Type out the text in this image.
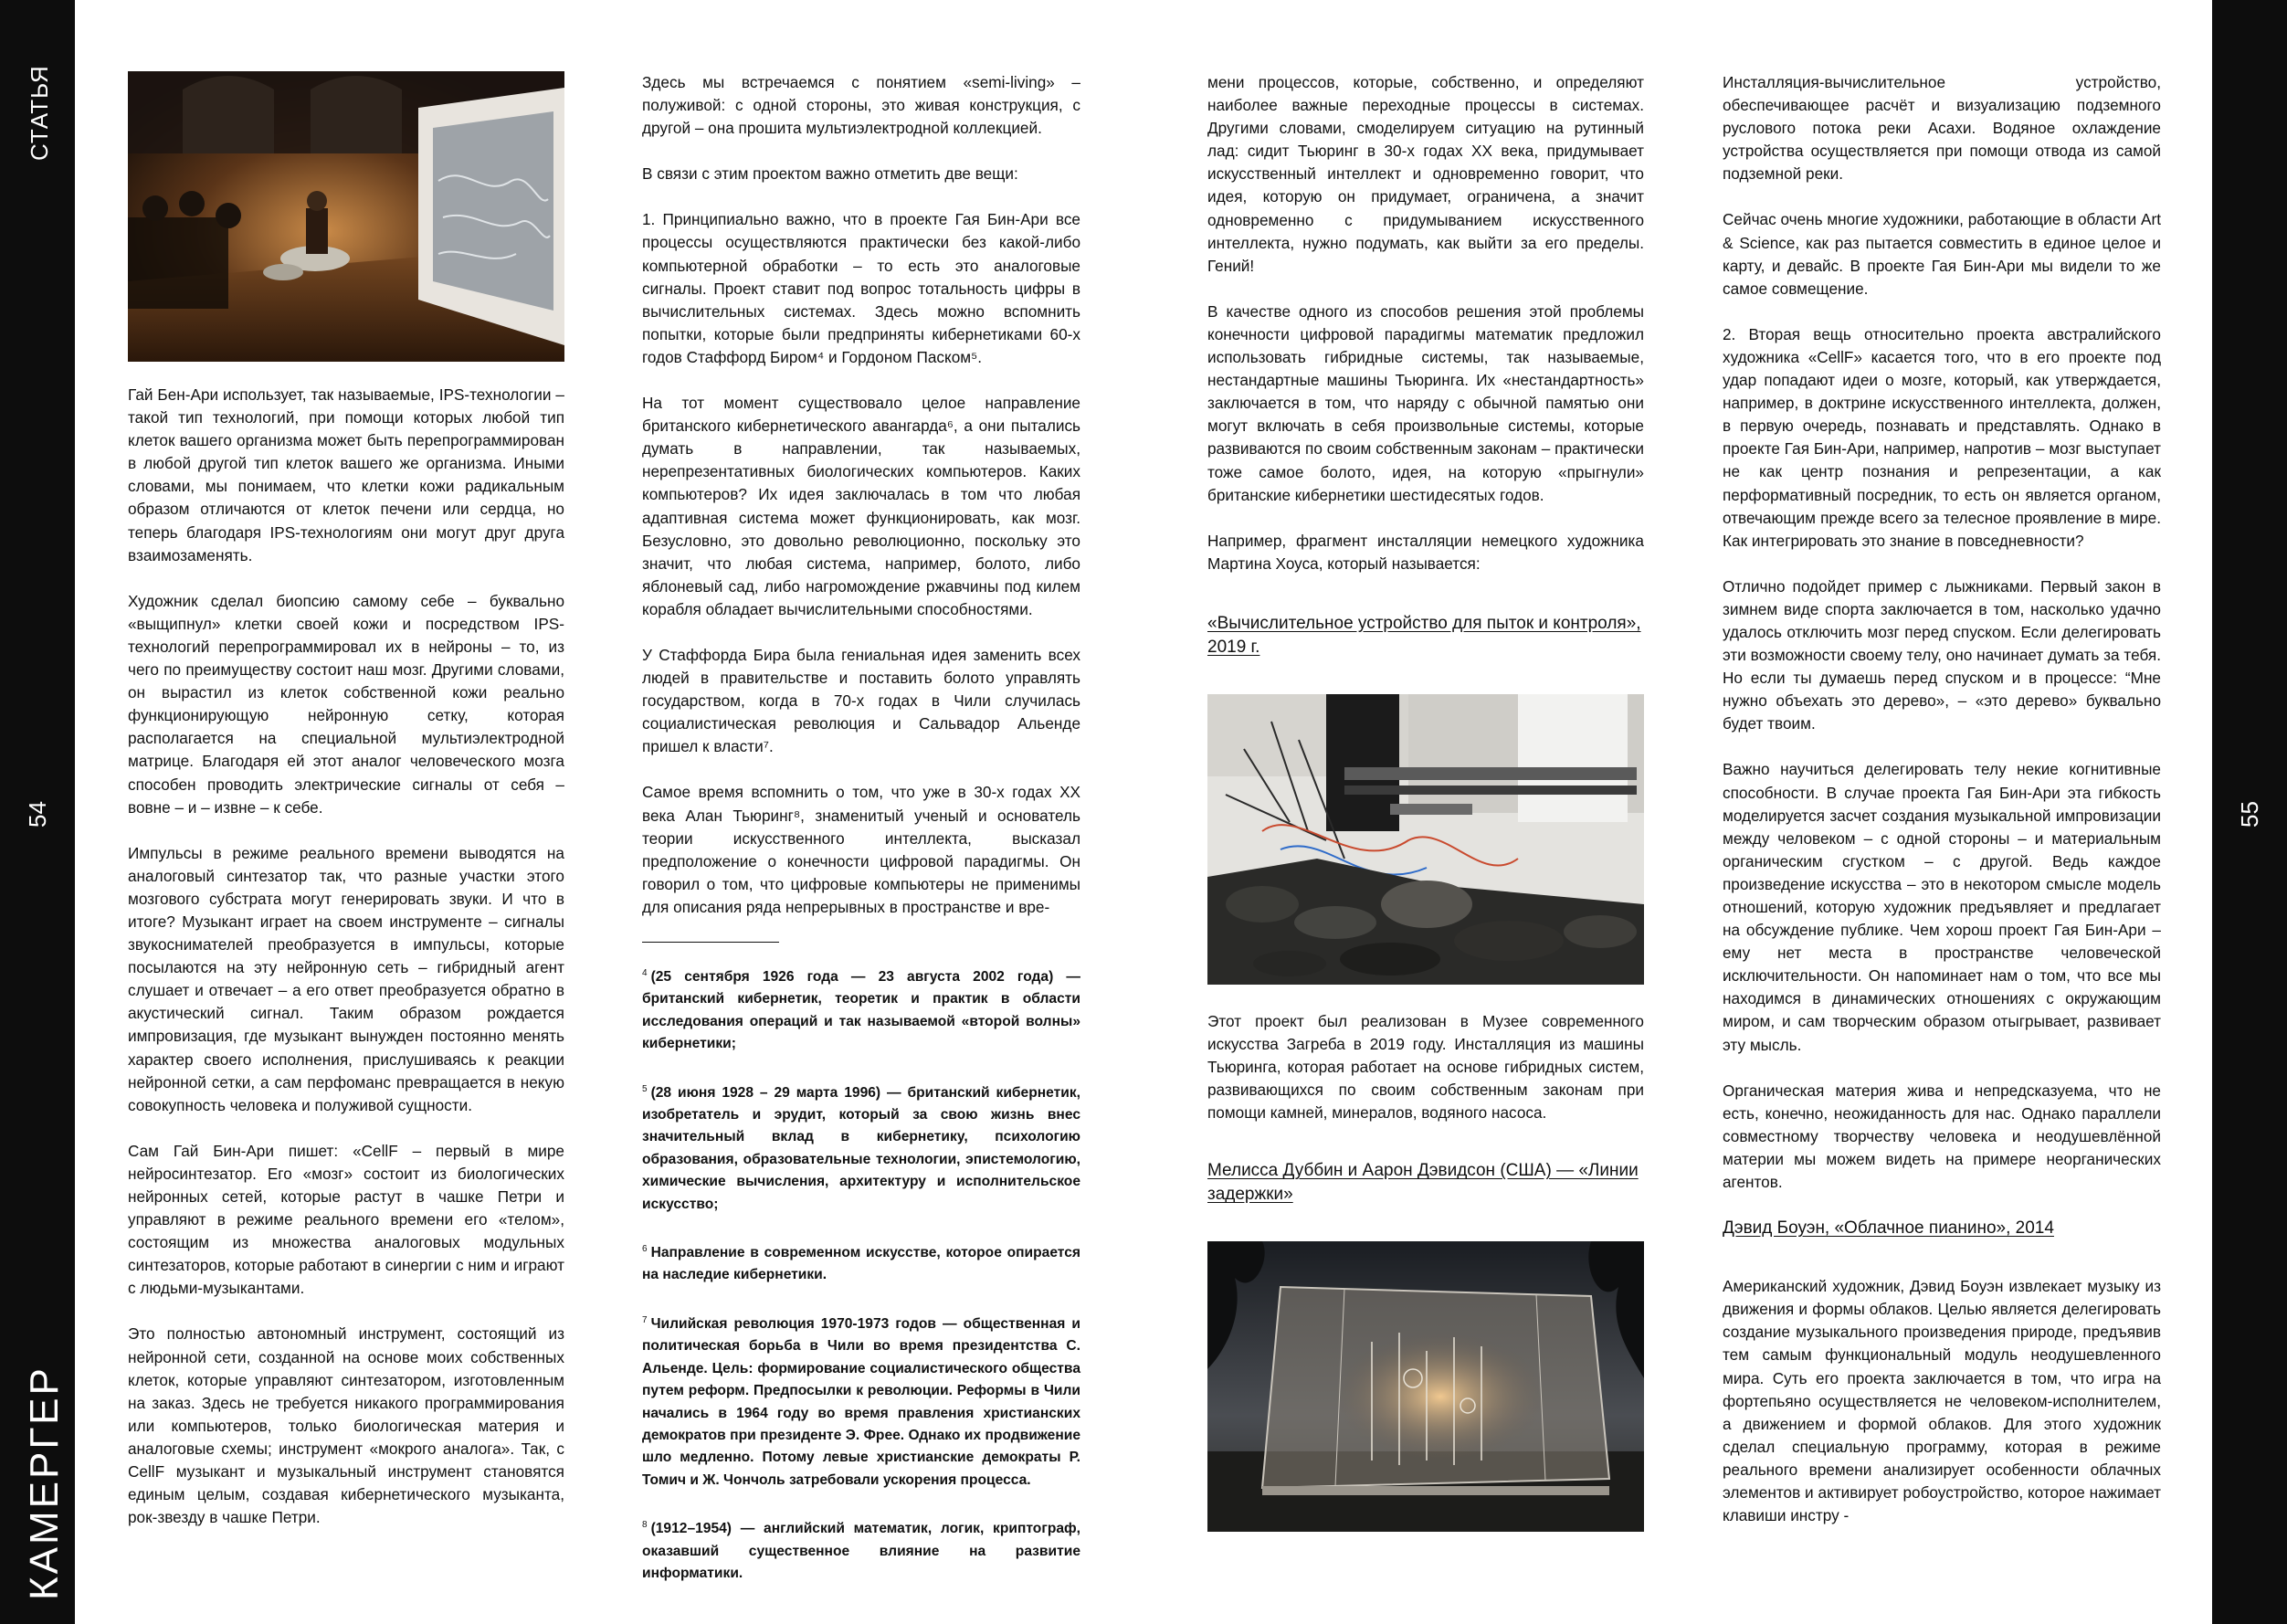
СТАТЬЯ
54
КАМЕРГЕР
55

Гай Бен-Ари использует, так называемые, IPS-технологии – такой тип технологий, при помощи которых любой тип клеток вашего организма может быть перепрограммирован в любой другой тип клеток вашего же организма. Иными словами, мы понимаем, что клетки кожи радикальным образом отличаются от клеток печени или сердца, но теперь благодаря IPS-технологиям они могут друг друга взаимозаменять.

Художник сделал биопсию самому себе – буквально «выщипнул» клетки своей кожи и посредством IPS-технологий перепрограммировал их в нейроны – то, из чего по преимуществу состоит наш мозг. Другими словами, он вырастил из клеток собственной кожи реально функционирующую нейронную сетку, которая располагается на специальной мультиэлектродной матрице. Благодаря ей этот аналог человеческого мозга способен проводить электрические сигналы от себя – вовне – и – извне – к себе.

Импульсы в режиме реального времени выводятся на аналоговый синтезатор так, что разные участки этого мозгового субстрата могут генерировать звуки. И что в итоге? Музыкант играет на своем инструменте – сигналы звукоснимателей преобразуется в импульсы, которые посылаются на эту нейронную сеть – гибридный агент слушает и отвечает – а его ответ преобразуется обратно в акустический сигнал. Таким образом рождается импровизация, где музыкант вынужден постоянно менять характер своего исполнения, прислушиваясь к реакции нейронной сетки, а сам перфоманс превращается в некую совокупность человека и полуживой сущности.

Сам Гай Бин-Ари пишет: «CellF – первый в мире нейросинтезатор. Его «мозг» состоит из биологических нейронных сетей, которые растут в чашке Петри и управляют в режиме реального времени его «телом», состоящим из множества аналоговых модульных синтезаторов, которые работают в синергии с ним и играют с людьми-музыкантами.

Это полностью автономный инструмент, состоящий из нейронной сети, созданной на основе моих собственных клеток, которые управляют синтезатором, изготовленным на заказ. Здесь не требуется никакого программирования или компьютеров, только биологическая материя и аналоговые схемы; инструмент «мокрого аналога». Так, с CellF музыкант и музыкальный инструмент становятся единым целым, создавая кибернетического музыканта, рок-звезду в чашке Петри.

Здесь мы встречаемся с понятием «semi-living» – полуживой: с одной стороны, это живая конструкция, с другой – она прошита мультиэлектродной коллекцией.

В связи с этим проектом важно отметить две вещи:

1. Принципиально важно, что в проекте Гая Бин-Ари все процессы осуществляются практически без какой-либо компьютерной обработки – то есть это аналоговые сигналы. Проект ставит под вопрос тотальность цифры в вычислительных системах. Здесь можно вспомнить попытки, которые были предприняты кибернетиками 60-х годов Стаффорд Биром⁴ и Гордоном Паском⁵.

На тот момент существовало целое направление британского кибернетического авангарда⁶, а они пытались думать в направлении, так называемых, нерепрезентативных биологических компьютеров. Каких компьютеров? Их идея заключалась в том что любая адаптивная система может функционировать, как мозг. Безусловно, это довольно революционно, поскольку это значит, что любая система, например, болото, либо яблоневый сад, либо нагромождение ржавчины под килем корабля обладает вычислительными способностями.

У Стаффорда Бира была гениальная идея заменить всех людей в правительстве и поставить болото управлять государством, когда в 70-х годах в Чили случилась социалистическая революция и Сальвадор Альенде пришел к власти⁷.

Самое время вспомнить о том, что уже в 30-х годах XX века Алан Тьюринг⁸, знаменитый ученый и основатель теории искусственного интеллекта, высказал предположение о конечности цифровой парадигмы. Он говорил о том, что цифровые компьютеры не применимы для описания ряда непрерывных в пространстве и вре-

$^4$ (25 сентября 1926 года — 23 августа 2002 года) — британский кибернетик, теоретик и практик в области исследования операций и так называемой «второй волны» кибернетики;

$^5$ (28 июня 1928 – 29 марта 1996) — британский кибернетик, изобретатель и эрудит, который за свою жизнь внес значительный вклад в кибернетику, психологию образования, образовательные технологии, эпистемологию, химические вычисления, архитектуру и исполнительское искусство;

$^6$ Направление в современном искусстве, которое опирается на наследие кибернетики.

$^7$ Чилийская революция 1970-1973 годов — общественная и политическая борьба в Чили во время президентства С. Альенде. Цель: формирование социалистического общества путем реформ. Предпосылки к революции. Реформы в Чили начались в 1964 году во время правления христианских демократов при президенте Э. Фрее. Однако их продвижение шло медленно. Потому левые христианские демократы Р. Томич и Ж. Чончоль затребовали ускорения процесса.

$^8$ (1912–1954) — английский математик, логик, криптограф, оказавший существенное влияние на развитие информатики.

мени процессов, которые, собственно, и определяют наиболее важные переходные процессы в системах. Другими словами, смоделируем ситуацию на рутинный лад: сидит Тьюринг в 30-х годах XX века, придумывает искусственный интеллект и одновременно говорит, что идея, которую он придумает, ограничена, а значит одновременно с придумыванием искусственного интеллекта, нужно подумать, как выйти за его пределы. Гений!

В качестве одного из способов решения этой проблемы конечности цифровой парадигмы математик предложил использовать гибридные системы, так называемые, нестандартные машины Тьюринга. Их «нестандартность» заключается в том, что наряду с обычной памятью они могут включать в себя произвольные системы, которые развиваются по своим собственным законам – практически тоже самое болото, идея, на которую «прыгнули» британские кибернетики шестидесятых годов.

Например, фрагмент инсталляции немецкого художника Мартина Хоуса, который называется:

«Вычислительное устройство для пыток и контроля», 2019 г.

Этот проект был реализован в Музее современного искусства Загреба в 2019 году. Инсталляция из машины Тьюринга, которая работает на основе гибридных систем, развивающихся по своим собственным законам при помощи камней, минералов, водяного насоса.

Мелисса Дуббин и Аарон Дэвидсон (США) — «Линии задержки»

Инсталляция-вычислительное устройство, обеспечивающее расчёт и визуализацию подземного руслового потока реки Асахи. Водяное охлаждение устройства осуществляется при помощи отвода из самой подземной реки.

Сейчас очень многие художники, работающие в области Art & Science, как раз пытается совместить в единое целое и карту, и девайс. В проекте Гая Бин-Ари мы видели то же самое совмещение.

2. Вторая вещь относительно проекта австралийского художника «CellF» касается того, что в его проекте под удар попадают идеи о мозге, который, как утверждается, например, в доктрине искусственного интеллекта, должен, в первую очередь, познавать и представлять. Однако в проекте Гая Бин-Ари, например, напротив – мозг выступает не как центр познания и репрезентации, а как перформативный посредник, то есть он является органом, отвечающим прежде всего за телесное проявление в мире. Как интегрировать это знание в повседневности?

Отлично подойдет пример с лыжниками. Первый закон в зимнем виде спорта заключается в том, насколько удачно удалось отключить мозг перед спуском. Если делегировать эти возможности своему телу, оно начинает думать за тебя. Но если ты думаешь перед спуском и в процессе: “Мне нужно объехать это дерево», – «это дерево» буквально будет твоим.

Важно научиться делегировать телу некие когнитивные способности. В случае проекта Гая Бин-Ари эта гибкость моделируется засчет создания музыкальной импровизации между человеком – с одной стороны – и материальным органическим сгустком – с другой. Ведь каждое произведение искусства – это в некотором смысле модель отношений, которую художник предъявляет и предлагает на обсуждение публике. Чем хорош проект Гая Бин-Ари – ему нет места в пространстве человеческой исключительности. Он напоминает нам о том, что все мы находимся в динамических отношениях с окружающим миром, и сам творческим образом отыгрывает, развивает эту мысль.

Органическая материя жива и непредсказуема, что не есть, конечно, неожиданность для нас. Однако параллели совместному творчеству человека и неодушевлённой материи мы можем видеть на примере неорганических агентов.

Дэвид Боуэн, «Облачное пианино», 2014

Американский художник, Дэвид Боуэн извлекает музыку из движения и формы облаков. Целью является делегировать создание музыкального произведения природе, предъявив тем самым функциональный модуль неодушевленного мира. Суть его проекта заключается в том, что игра на фортепьяно осуществляется не человеком-исполнителем, а движением и формой облаков. Для этого художник сделал специальную программу, которая в режиме реального времени анализирует особенности облачных элементов и активирует робоустройство, которое нажимает клавиши инстру -
